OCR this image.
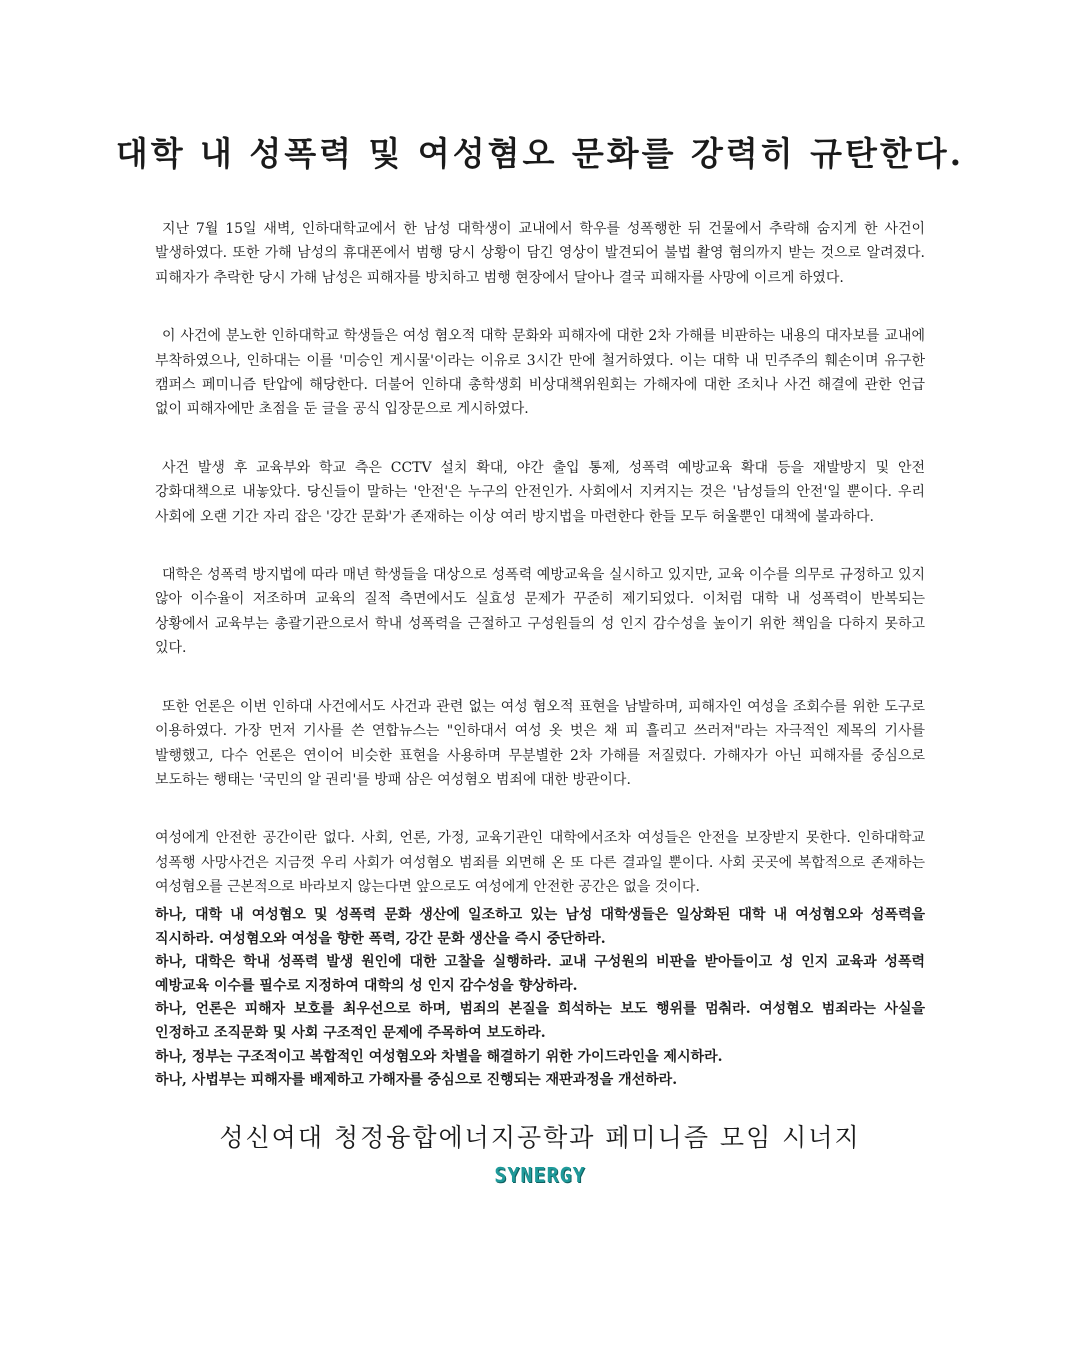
대학 내 성폭력 및 여성혐오 문화를 강력히 규탄한다.

지난 7월 15일 새벽, 인하대학교에서 한 남성 대학생이 교내에서 학우를 성폭행한 뒤 건물에서 추락해 숨지게 한 사건이 발생하였다. 또한 가해 남성의 휴대폰에서 범행 당시 상황이 담긴 영상이 발견되어 불법 촬영 혐의까지 받는 것으로 알려졌다. 피해자가 추락한 당시 가해 남성은 피해자를 방치하고 범행 현장에서 달아나 결국 피해자를 사망에 이르게 하였다.

이 사건에 분노한 인하대학교 학생들은 여성 혐오적 대학 문화와 피해자에 대한 2차 가해를 비판하는 내용의 대자보를 교내에 부착하였으나, 인하대는 이를 '미승인 게시물'이라는 이유로 3시간 만에 철거하였다. 이는 대학 내 민주주의 훼손이며 유구한 캠퍼스 페미니즘 탄압에 해당한다. 더불어 인하대 총학생회 비상대책위원회는 가해자에 대한 조치나 사건 해결에 관한 언급 없이 피해자에만 초점을 둔 글을 공식 입장문으로 게시하였다.

사건 발생 후 교육부와 학교 측은 CCTV 설치 확대, 야간 출입 통제, 성폭력 예방교육 확대 등을 재발방지 및 안전 강화대책으로 내놓았다. 당신들이 말하는 '안전'은 누구의 안전인가. 사회에서 지켜지는 것은 '남성들의 안전'일 뿐이다. 우리 사회에 오랜 기간 자리 잡은 '강간 문화'가 존재하는 이상 여러 방지법을 마련한다 한들 모두 허울뿐인 대책에 불과하다.

대학은 성폭력 방지법에 따라 매년 학생들을 대상으로 성폭력 예방교육을 실시하고 있지만, 교육 이수를 의무로 규정하고 있지 않아 이수율이 저조하며 교육의 질적 측면에서도 실효성 문제가 꾸준히 제기되었다. 이처럼 대학 내 성폭력이 반복되는 상황에서 교육부는 총괄기관으로서 학내 성폭력을 근절하고 구성원들의 성 인지 감수성을 높이기 위한 책임을 다하지 못하고 있다.

또한 언론은 이번 인하대 사건에서도 사건과 관련 없는 여성 혐오적 표현을 남발하며, 피해자인 여성을 조회수를 위한 도구로 이용하였다. 가장 먼저 기사를 쓴 연합뉴스는 "인하대서 여성 옷 벗은 채 피 흘리고 쓰러져"라는 자극적인 제목의 기사를 발행했고, 다수 언론은 연이어 비슷한 표현을 사용하며 무분별한 2차 가해를 저질렀다. 가해자가 아닌 피해자를 중심으로 보도하는 행태는 '국민의 알 권리'를 방패 삼은 여성혐오 범죄에 대한 방관이다.

여성에게 안전한 공간이란 없다. 사회, 언론, 가정, 교육기관인 대학에서조차 여성들은 안전을 보장받지 못한다. 인하대학교 성폭행 사망사건은 지금껏 우리 사회가 여성혐오 범죄를 외면해 온 또 다른 결과일 뿐이다. 사회 곳곳에 복합적으로 존재하는 여성혐오를 근본적으로 바라보지 않는다면 앞으로도 여성에게 안전한 공간은 없을 것이다.

하나, 대학 내 여성혐오 및 성폭력 문화 생산에 일조하고 있는 남성 대학생들은 일상화된 대학 내 여성혐오와 성폭력을 직시하라. 여성혐오와 여성을 향한 폭력, 강간 문화 생산을 즉시 중단하라.

하나, 대학은 학내 성폭력 발생 원인에 대한 고찰을 실행하라. 교내 구성원의 비판을 받아들이고 성 인지 교육과 성폭력 예방교육 이수를 필수로 지정하여 대학의 성 인지 감수성을 향상하라.

하나, 언론은 피해자 보호를 최우선으로 하며, 범죄의 본질을 희석하는 보도 행위를 멈춰라. 여성혐오 범죄라는 사실을 인정하고 조직문화 및 사회 구조적인 문제에 주목하여 보도하라.

하나, 정부는 구조적이고 복합적인 여성혐오와 차별을 해결하기 위한 가이드라인을 제시하라.

하나, 사법부는 피해자를 배제하고 가해자를 중심으로 진행되는 재판과정을 개선하라.

성신여대 청정융합에너지공학과 페미니즘 모임 시너지
SYNERGY
